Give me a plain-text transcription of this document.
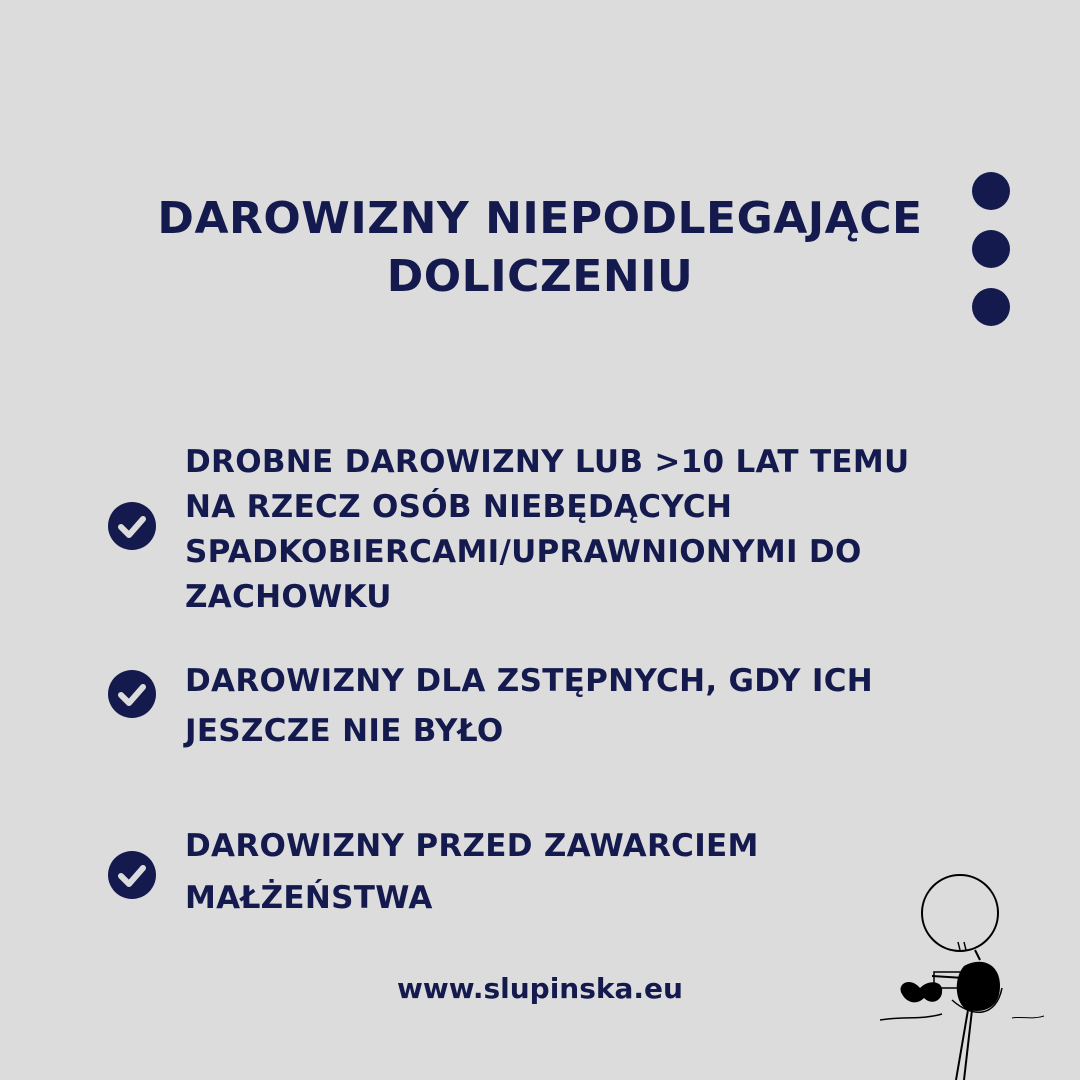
DAROWIZNY NIEPODLEGAJĄCE DOLICZENIU

DROBNE DAROWIZNY LUB >10 LAT TEMU NA RZECZ OSÓB NIEBĘDĄCYCH SPADKOBIERCAMI/UPRAWNIONYMI DO ZACHOWKU

DAROWIZNY DLA ZSTĘPNYCH, GDY ICH JESZCZE NIE BYŁO

DAROWIZNY PRZED ZAWARCIEM MAŁŻEŃSTWA

www.slupinska.eu
